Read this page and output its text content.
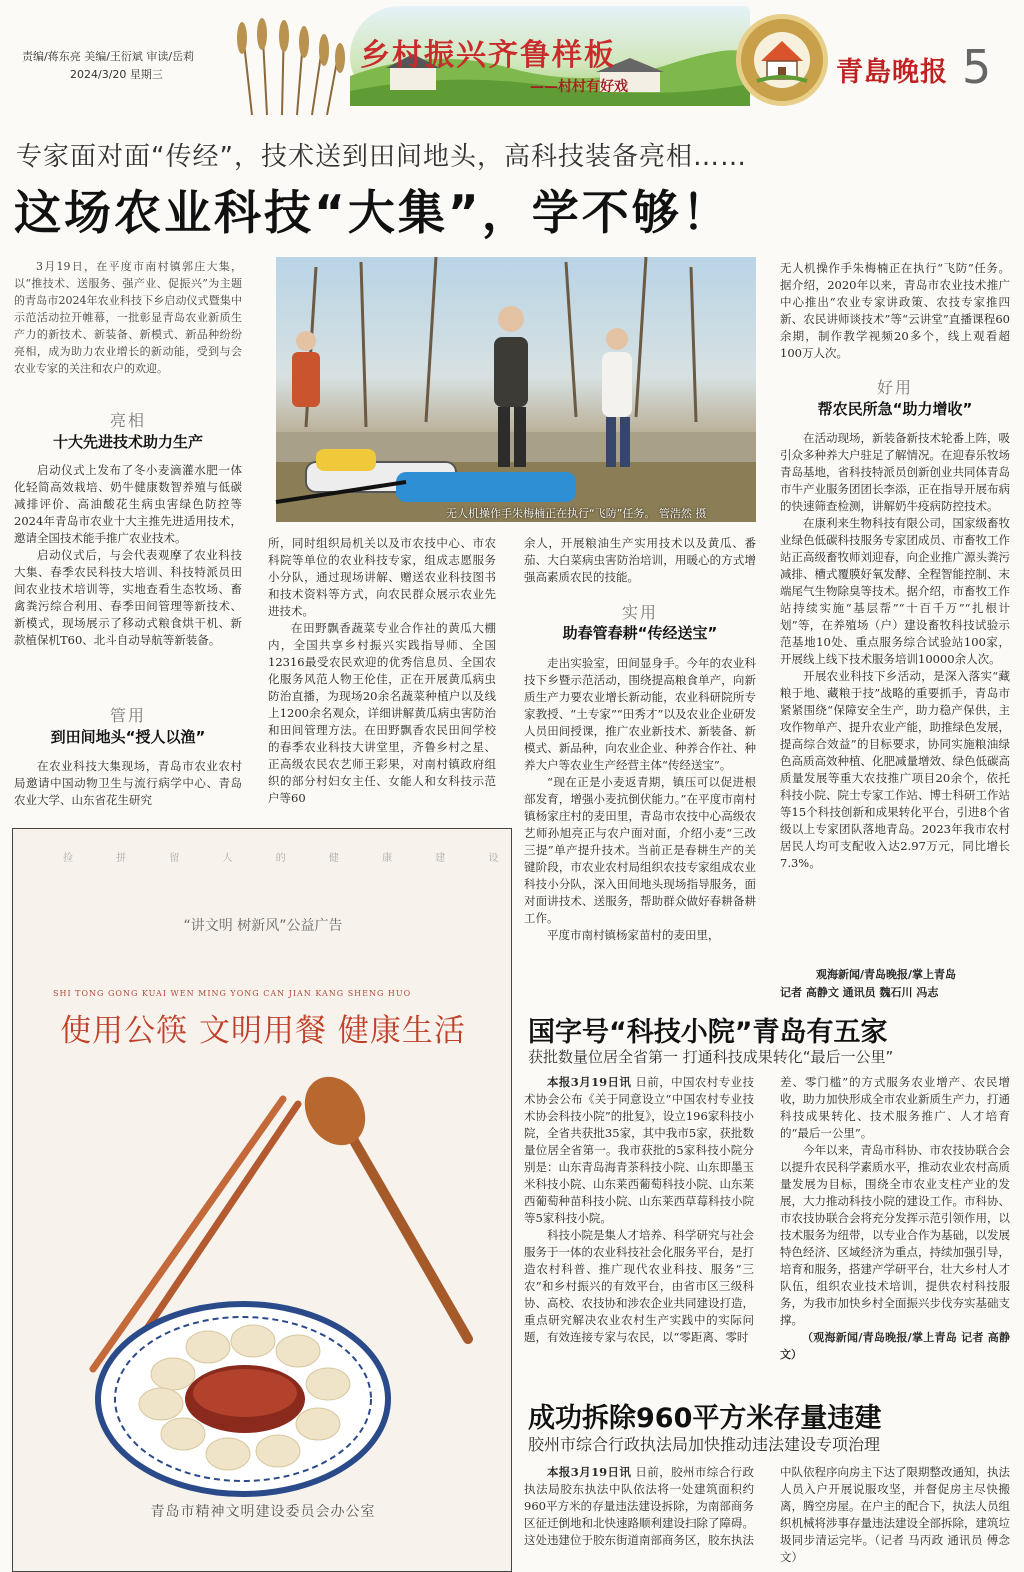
责编/蒋东亮 美编/王衍斌 审读/岳莉
2024/3/20 星期三
乡村振兴齐鲁样板
——村村有好戏	青島晚报 5
专家面对面“传经”，技术送到田间地头，高科技装备亮相……
这场农业科技“大集”，学不够！

3月19日，在平度市南村镇郭庄大集，以“推技术、送服务、强产业、促振兴”为主题的青岛市2024年农业科技下乡启动仪式暨集中示范活动拉开帷幕，一批彰显青岛农业新质生产力的新技术、新装备、新模式、新品种纷纷亮相，成为助力农业增长的新动能，受到与会农业专家的关注和农户的欢迎。

亮相
十大先进技术助力生产

启动仪式上发布了冬小麦滴灌水肥一体化轻简高效栽培、奶牛健康数智养殖与低碳减排评价、高油酸花生病虫害绿色防控等2024年青岛市农业十大主推先进适用技术，邀请全国技术能手推广农业技术。

启动仪式后，与会代表观摩了农业科技大集、春季农民科技大培训、科技特派员田间农业技术培训等，实地查看生态牧场、畜禽粪污综合利用、春季田间管理等新技术、新模式，现场展示了移动式粮食烘干机、新款植保机T60、北斗自动导航等新装备。

管用
到田间地头“授人以渔”

在农业科技大集现场，青岛市农业农村局邀请中国动物卫生与流行病学中心、青岛农业大学、山东省花生研究

无人机操作手朱梅楠正在执行“飞防”任务。 管浩然 摄

所，同时组织局机关以及市农技中心、市农科院等单位的农业科技专家，组成志愿服务小分队，通过现场讲解、赠送农业科技图书和技术资料等方式，向农民群众展示农业先进技术。

在田野飘香蔬菜专业合作社的黄瓜大棚内，全国共享乡村振兴实践指导师、全国12316最受农民欢迎的优秀信息员、全国农化服务风范人物王伦佳，正在开展黄瓜病虫防治直播，为现场20余名蔬菜种植户以及线上1200余名观众，详细讲解黄瓜病虫害防治和田间管理方法。在田野飘香农民田间学校的春季农业科技大讲堂里，齐鲁乡村之星、正高级农民农艺师王彩果，对南村镇政府组织的部分村妇女主任、女能人和女科技示范户等60

余人，开展粮油生产实用技术以及黄瓜、番茄、大白菜病虫害防治培训，用暖心的方式增强高素质农民的技能。

实用
助春管春耕“传经送宝”

走出实验室，田间显身手。今年的农业科技下乡暨示范活动，围绕提高粮食单产，向新质生产力要农业增长新动能，农业科研院所专家教授、“土专家”“田秀才”以及农业企业研发人员田间授课，推广农业新技术、新装备、新模式、新品种，向农业企业、种养合作社、种养大户等农业生产经营主体“传经送宝”。

“现在正是小麦返青期，镇压可以促进根部发育，增强小麦抗倒伏能力。”在平度市南村镇杨家庄村的麦田里，青岛市农技中心高级农艺师孙旭亮正与农户面对面，介绍小麦“三改三提”单产提升技术。当前正是春耕生产的关键阶段，市农业农村局组织农技专家组成农业科技小分队，深入田间地头现场指导服务，面对面讲技术、送服务，帮助群众做好春耕备耕工作。

平度市南村镇杨家苗村的麦田里，

无人机操作手朱梅楠正在执行“飞防”任务。据介绍，2020年以来，青岛市农业技术推广中心推出“农业专家讲政策、农技专家推四新、农民讲师谈技术”等“云讲堂”直播课程60余期，制作教学视频20多个，线上观看超100万人次。

好用
帮农民所急“助力增收”

在活动现场，新装备新技术轮番上阵，吸引众多种养大户驻足了解情况。在迎春乐牧场青岛基地，省科技特派员创新创业共同体青岛市牛产业服务团团长李添，正在指导开展布病的快速筛查检测，讲解奶牛疫病防控技术。

在康利来生物科技有限公司，国家级畜牧业绿色低碳科技服务专家团成员、市畜牧工作站正高级畜牧师刘迎春，向企业推广源头粪污减排、槽式覆膜好氧发酵、全程智能控制、末端尾气生物除臭等技术。据介绍，市畜牧工作站持续实施“基层帮”“十百千万”“扎根计划”等，在养殖场（户）建设畜牧科技试验示范基地10处、重点服务综合试验站100家，开展线上线下技术服务培训10000余人次。

开展农业科技下乡活动，是深入落实“藏粮于地、藏粮于技”战略的重要抓手，青岛市紧紧围绕“保障安全生产，助力稳产保供，主攻作物单产、提升农业产能，助推绿色发展，提高综合效益”的目标要求，协同实施粮油绿色高质高效种植、化肥减量增效、绿色低碳高质量发展等重大农技推广项目20余个，依托科技小院、院士专家工作站、博士科研工作站等15个科技创新和成果转化平台，引进8个省级以上专家团队落地青岛。2023年我市农村居民人均可支配收入达2.97万元，同比增长7.3%。

观海新闻/青岛晚报/掌上青岛
记者 高静文 通讯员 魏石川 冯志
捡 拼 留 人 的 健 康 建 设
“讲文明 树新风”公益广告
SHI TONG GONG KUAI WEN MING YONG CAN JIAN KANG SHENG HUO
使用公筷 文明用餐 健康生活
青岛市精神文明建设委员会办公室
国字号“科技小院”青岛有五家
获批数量位居全省第一 打通科技成果转化“最后一公里”

本报3月19日讯 日前，中国农村专业技术协会公布《关于同意设立“中国农村专业技术协会科技小院”的批复》，设立196家科技小院，全省共获批35家，其中我市5家，获批数量位居全省第一。我市获批的5家科技小院分别是：山东青岛海青茶科技小院、山东即墨玉米科技小院、山东莱西葡萄科技小院、山东莱西葡萄种苗科技小院、山东莱西草莓科技小院等5家科技小院。

科技小院是集人才培养、科学研究与社会服务于一体的农业科技社会化服务平台，是打造农村科普、推广现代农业科技、服务“三农”和乡村振兴的有效平台，由省市区三级科协、高校、农技协和涉农企业共同建设打造，重点研究解决农业农村生产实践中的实际问题，有效连接专家与农民，以“零距离、零时

差、零门槛”的方式服务农业增产、农民增收，助力加快形成全市农业新质生产力，打通科技成果转化、技术服务推广、人才培育的“最后一公里”。

今年以来，青岛市科协、市农技协联合会以提升农民科学素质水平，推动农业农村高质量发展为目标，围绕全市农业支柱产业的发展，大力推动科技小院的建设工作。市科协、市农技协联合会将充分发挥示范引领作用，以技术服务为纽带，以专业合作为基础，以发展特色经济、区域经济为重点，持续加强引导，培育和服务，搭建产学研平台，壮大乡村人才队伍，组织农业技术培训，提供农村科技服务，为我市加快乡村全面振兴步伐夯实基础支撑。

（观海新闻/青岛晚报/掌上青岛 记者 高静文）

成功拆除960平方米存量违建
胶州市综合行政执法局加快推动违法建设专项治理

本报3月19日讯 日前，胶州市综合行政执法局胶东执法中队依法将一处建筑面积约960平方米的存量违法建设拆除，为南部商务区征迁倒地和北快速路顺利建设扫除了障碍。这处违建位于胶东街道南部商务区，胶东执法

中队依程序向房主下达了限期整改通知，执法人员入户开展说服攻坚，并督促房主尽快搬离，腾空房屋。在户主的配合下，执法人员组织机械将涉事存量违法建设全部拆除，建筑垃圾同步清运完毕。（记者 马丙政 通讯员 傅念文）
